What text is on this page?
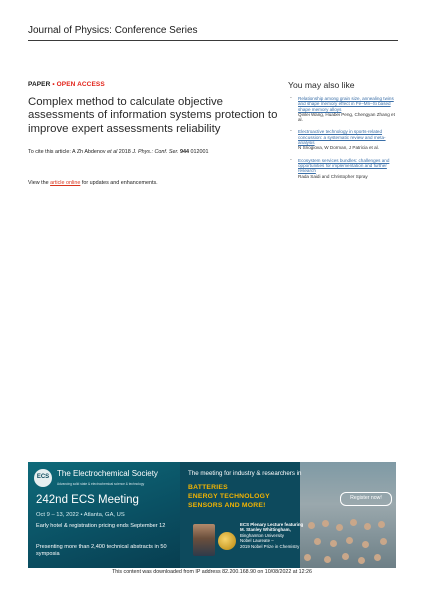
Journal of Physics: Conference Series
PAPER • OPEN ACCESS
Complex method to calculate objective assessments of information systems protection to improve expert assessments reliability
To cite this article: A Zh Abdenov et al 2018 J. Phys.: Conf. Ser. 944 012001
View the article online for updates and enhancements.
You may also like
- Relationship among grain size, annealing twins and shape memory effect in Fe–Mn–Si based shape memory alloys
Qinlei Wang, Huabei Peng, Chengyan Zhang et al.
- Electroactive technology in sports-related concussion: a systematic review and meta-analysis
N Sriogiova, W Dorman, J Patricia et al.
- Ecosystem services bundles: challenges and opportunities for implementation and further research
Rada Saidi and Christopher Spray
ECS The Electrochemical Society
Advancing solid state & electrochemical science & technology
242nd ECS Meeting
Oct 9 – 13, 2022 • Atlanta, GA, US
Early hotel & registration pricing ends September 12
Presenting more than 2,400 technical abstracts in 50 symposia
The meeting for industry & researchers in
BATTERIES
ENERGY TECHNOLOGY
SENSORS AND MORE!
Register now!
ECS Plenary Lecture featuring
M. Stanley Whittingham,
Binghamton University
Nobel Laureate –
2019 Nobel Prize in Chemistry
This content was downloaded from IP address 82.200.168.90 on 10/08/2022 at 12:26
